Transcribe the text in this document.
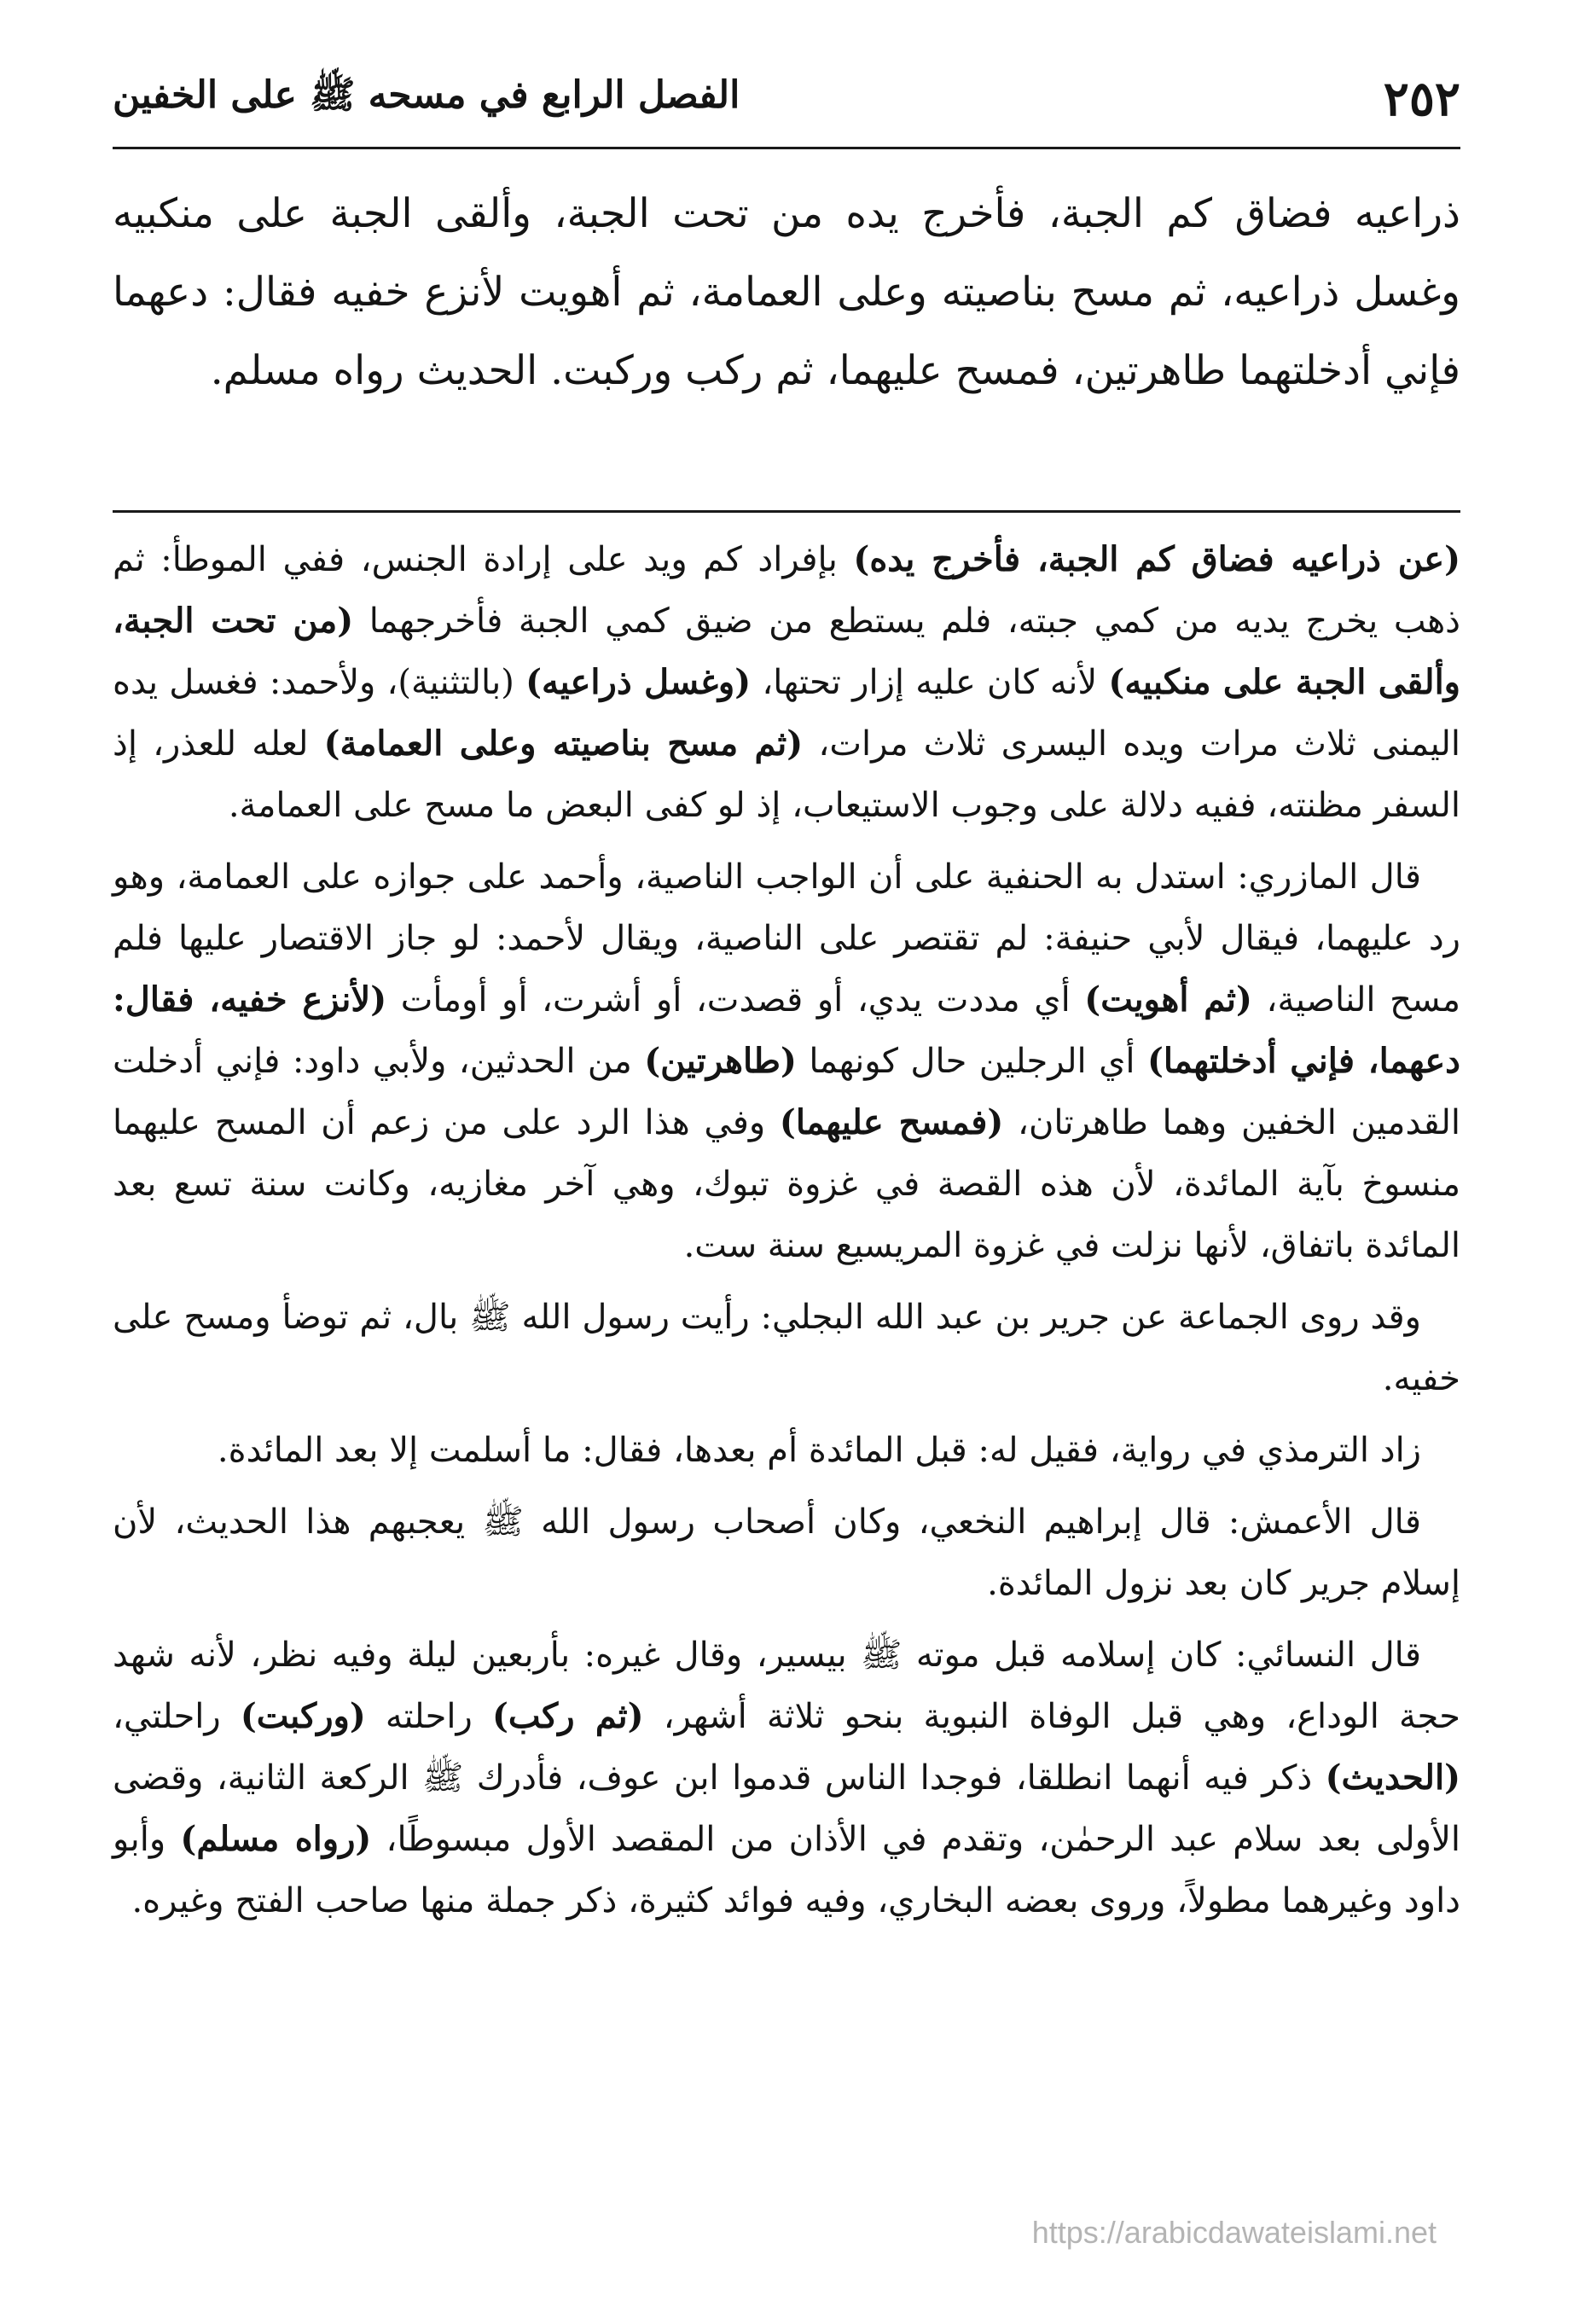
٢٥٢
الفصل الرابع في مسحه ﷺ على الخفين

ذراعيه فضاق كم الجبة، فأخرج يده من تحت الجبة، وألقى الجبة على منكبيه وغسل ذراعيه، ثم مسح بناصيته وعلى العمامة، ثم أهويت لأنزع خفيه فقال: دعهما فإني أدخلتهما طاهرتين، فمسح عليهما، ثم ركب وركبت. الحديث رواه مسلم.

(عن ذراعيه فضاق كم الجبة، فأخرج يده) بإفراد كم ويد على إرادة الجنس، ففي الموطأ: ثم ذهب يخرج يديه من كمي جبته، فلم يستطع من ضيق كمي الجبة فأخرجهما (من تحت الجبة، وألقى الجبة على منكبيه) لأنه كان عليه إزار تحتها، (وغسل ذراعيه) (بالتثنية)، ولأحمد: فغسل يده اليمنى ثلاث مرات ويده اليسرى ثلاث مرات، (ثم مسح بناصيته وعلى العمامة) لعله للعذر، إذ السفر مظنته، ففيه دلالة على وجوب الاستيعاب، إذ لو كفى البعض ما مسح على العمامة.

قال المازري: استدل به الحنفية على أن الواجب الناصية، وأحمد على جوازه على العمامة، وهو رد عليهما، فيقال لأبي حنيفة: لم تقتصر على الناصية، ويقال لأحمد: لو جاز الاقتصار عليها فلم مسح الناصية، (ثم أهويت) أي مددت يدي، أو قصدت، أو أشرت، أو أومأت (لأنزع خفيه، فقال: دعهما، فإني أدخلتهما) أي الرجلين حال كونهما (طاهرتين) من الحدثين، ولأبي داود: فإني أدخلت القدمين الخفين وهما طاهرتان، (فمسح عليهما) وفي هذا الرد على من زعم أن المسح عليهما منسوخ بآية المائدة، لأن هذه القصة في غزوة تبوك، وهي آخر مغازيه، وكانت سنة تسع بعد المائدة باتفاق، لأنها نزلت في غزوة المريسيع سنة ست.

وقد روى الجماعة عن جرير بن عبد الله البجلي: رأيت رسول الله ﷺ بال، ثم توضأ ومسح على خفيه.

زاد الترمذي في رواية، فقيل له: قبل المائدة أم بعدها، فقال: ما أسلمت إلا بعد المائدة.

قال الأعمش: قال إبراهيم النخعي، وكان أصحاب رسول الله ﷺ يعجبهم هذا الحديث، لأن إسلام جرير كان بعد نزول المائدة.

قال النسائي: كان إسلامه قبل موته ﷺ بيسير، وقال غيره: بأربعين ليلة وفيه نظر، لأنه شهد حجة الوداع، وهي قبل الوفاة النبوية بنحو ثلاثة أشهر، (ثم ركب) راحلته (وركبت) راحلتي، (الحديث) ذكر فيه أنهما انطلقا، فوجدا الناس قدموا ابن عوف، فأدرك ﷺ الركعة الثانية، وقضى الأولى بعد سلام عبد الرحمٰن، وتقدم في الأذان من المقصد الأول مبسوطًا، (رواه مسلم) وأبو داود وغيرهما مطولاً، وروى بعضه البخاري، وفيه فوائد كثيرة، ذكر جملة منها صاحب الفتح وغيره.

https://arabicdawateislami.net
